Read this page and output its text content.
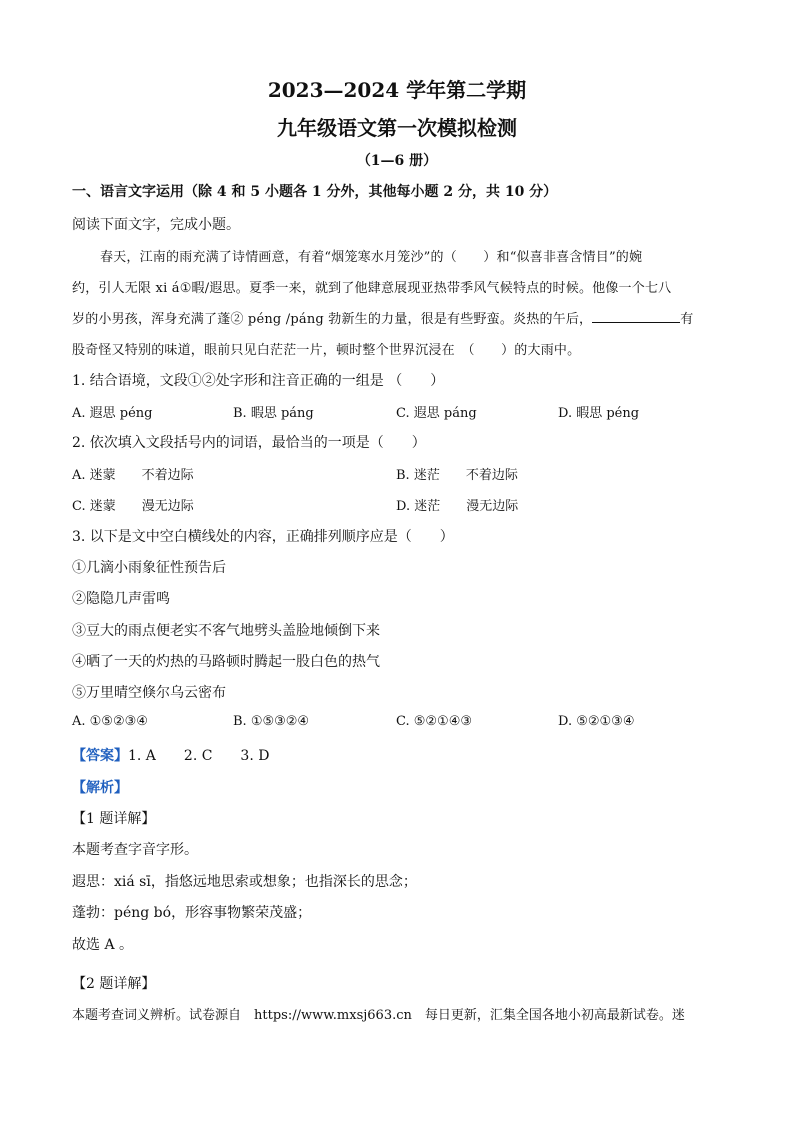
2023—2024 学年第二学期
九年级语文第一次模拟检测
（1—6 册）
一、语言文字运用（除 4 和 5 小题各 1 分外，其他每小题 2 分，共 10 分）
阅读下面文字，完成小题。
春天，江南的雨充满了诗情画意，有着“烟笼寒水月笼沙”的（　　）和“似喜非喜含情目”的婉
约，引人无限 xi á①暇/遐思。夏季一来，就到了他肆意展现亚热带季风气候特点的时候。他像一个七八
岁的小男孩，浑身充满了蓬② péng /páng 勃新生的力量，很是有些野蛮。炎热的午后，	有
股奇怪又特别的味道，眼前只见白茫茫一片，顿时整个世界沉浸在　（　　）的大雨中。
1. 结合语境，文段①②处字形和注音正确的一组是 （　　）
A. 遐思 péng	B. 暇思 páng	C. 遐思 páng	D. 暇思 péng
2. 依次填入文段括号内的词语，最恰当的一项是（　　）
A. 迷蒙　　不着边际	B. 迷茫　　不着边际
C. 迷蒙　　漫无边际	D. 迷茫　　漫无边际
3. 以下是文中空白横线处的内容，正确排列顺序应是（　　）
①几滴小雨象征性预告后
②隐隐几声雷鸣
③豆大的雨点便老实不客气地劈头盖脸地倾倒下来
④晒了一天的灼热的马路顿时腾起一股白色的热气
⑤万里晴空倏尔乌云密布
A. ①⑤②③④	B. ①⑤③②④	C. ⑤②①④③	D. ⑤②①③④
【答案】1. A　　2. C　　3. D
【解析】
【1 题详解】
本题考查字音字形。
遐思：xiá sī，指悠远地思索或想象；也指深长的思念；
蓬勃：péng bó，形容事物繁荣茂盛；
故选 A 。
【2 题详解】
本题考查词义辨析。试卷源自　https://www.mxsj663.cn　每日更新，汇集全国各地小初高最新试卷。迷
